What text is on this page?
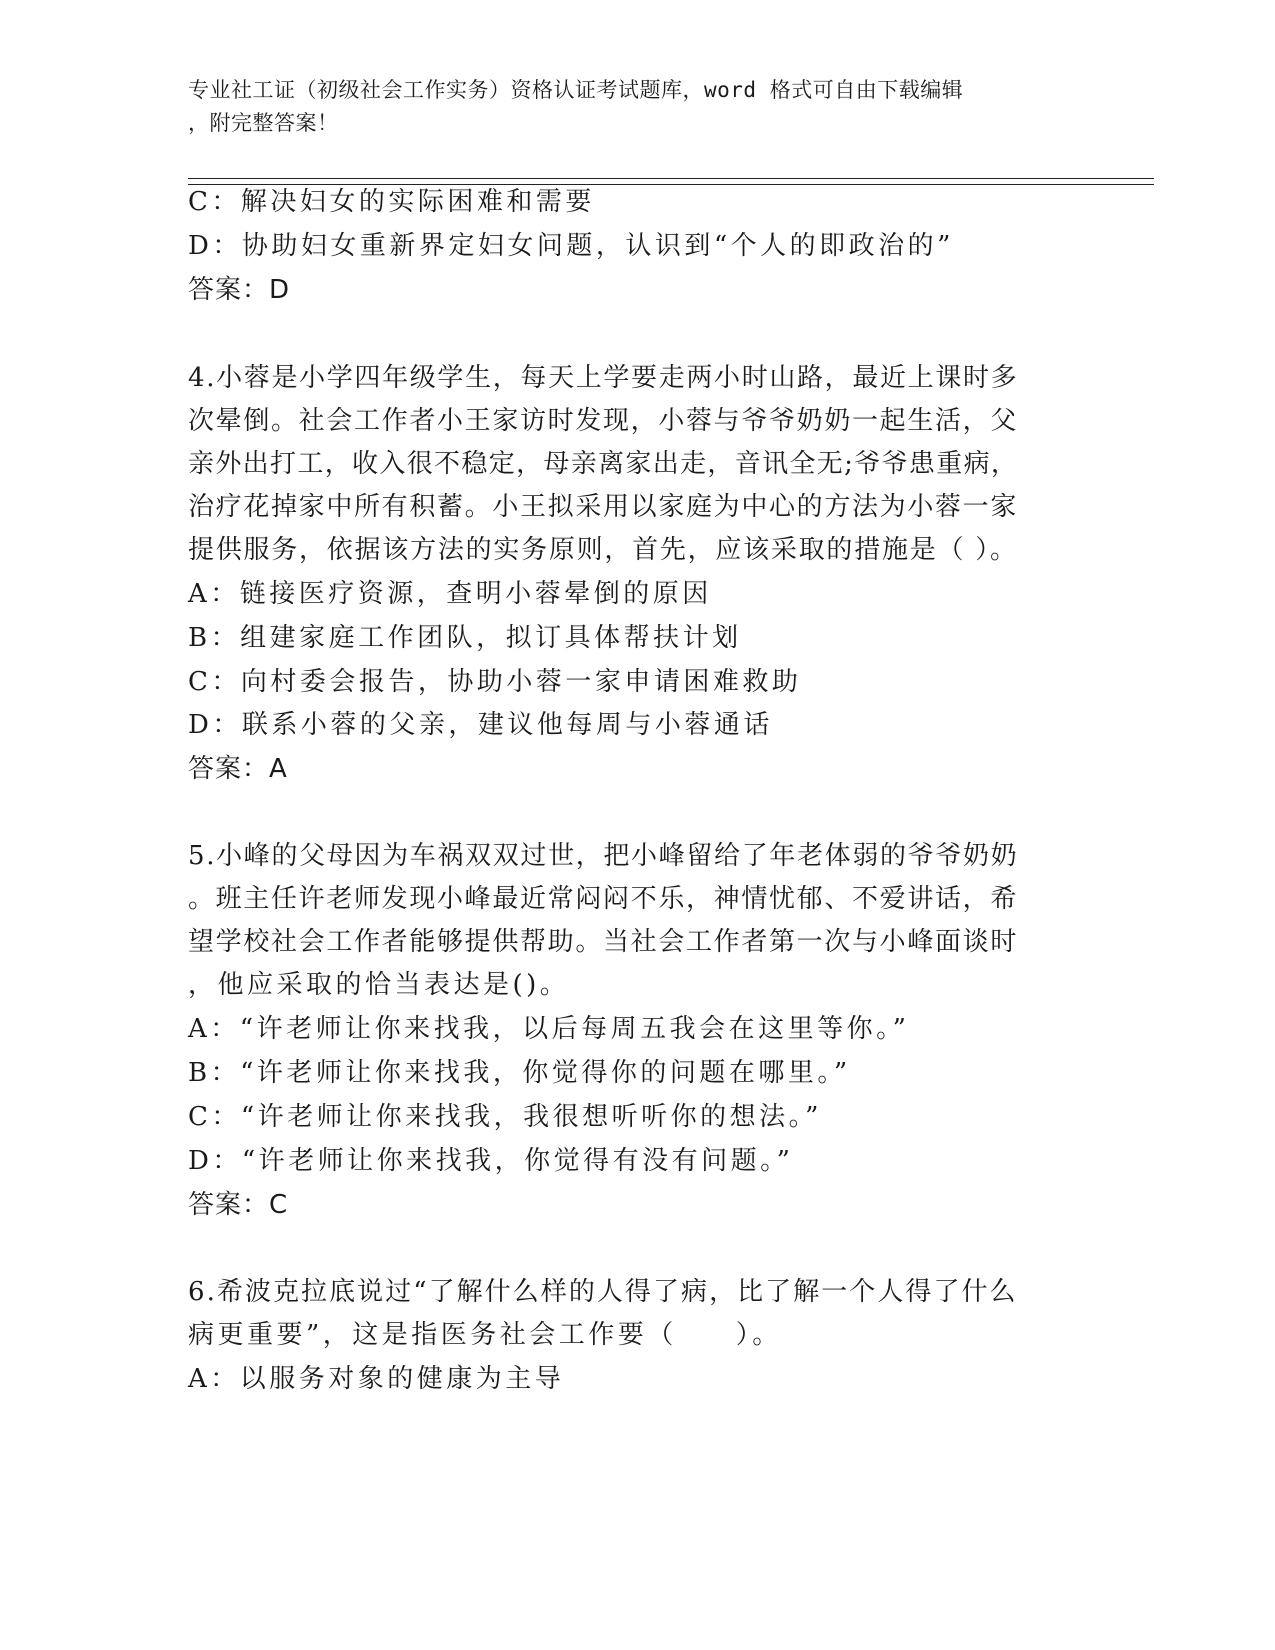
专业社工证（初级社会工作实务）资格认证考试题库，word 格式可自由下载编辑
，附完整答案！
C：解决妇女的实际困难和需要
D：协助妇女重新界定妇女问题，认识到“个人的即政治的”
答案：D
4.小蓉是小学四年级学生，每天上学要走两小时山路，最近上课时多
次晕倒。社会工作者小王家访时发现，小蓉与爷爷奶奶一起生活，父
亲外出打工，收入很不稳定，母亲离家出走，音讯全无;爷爷患重病，
治疗花掉家中所有积蓄。小王拟采用以家庭为中心的方法为小蓉一家
提供服务，依据该方法的实务原则，首先，应该采取的措施是（ ）。
A：链接医疗资源，查明小蓉晕倒的原因
B：组建家庭工作团队，拟订具体帮扶计划
C：向村委会报告，协助小蓉一家申请困难救助
D：联系小蓉的父亲，建议他每周与小蓉通话
答案：A
5.小峰的父母因为车祸双双过世，把小峰留给了年老体弱的爷爷奶奶
。班主任许老师发现小峰最近常闷闷不乐，神情忧郁、不爱讲话，希
望学校社会工作者能够提供帮助。当社会工作者第一次与小峰面谈时
，他应采取的恰当表达是()。
A：“许老师让你来找我，以后每周五我会在这里等你。”
B：“许老师让你来找我，你觉得你的问题在哪里。”
C：“许老师让你来找我，我很想听听你的想法。”
D：“许老师让你来找我，你觉得有没有问题。”
答案：C
6.希波克拉底说过“了解什么样的人得了病，比了解一个人得了什么
病更重要”，这是指医务社会工作要（　　）。
A：以服务对象的健康为主导
